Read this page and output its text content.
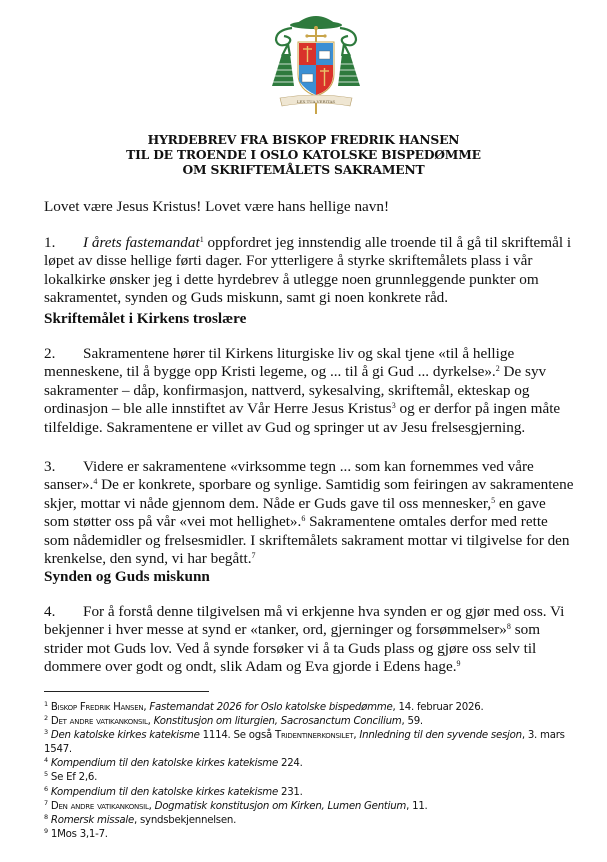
LEX TUA VERITAS
HYRDEBREV FRA BISKOP FREDRIK HANSEN
TIL DE TROENDE I OSLO KATOLSKE BISPEDØMME
OM SKRIFTEMÅLETS SAKRAMENT

Lovet være Jesus Kristus! Lovet være hans hellige navn!

1. I årets fastemandat$^1$ oppfordret jeg innstendig alle troende til å gå til skriftemål i løpet av disse hellige førti dager. For ytterligere å styrke skriftemålets plass i vår lokalkirke ønsker jeg i dette hyrdebrev å utlegge noen grunnleggende punkter om sakramentet, synden og Guds miskunn, samt gi noen konkrete råd.

Skriftemålet i Kirkens troslære

2. Sakramentene hører til Kirkens liturgiske liv og skal tjene «til å hellige menneskene, til å bygge opp Kristi legeme, og ... til å gi Gud ... dyrkelse».$^2$ De syv sakramenter – dåp, konfirmasjon, nattverd, sykesalving, skriftemål, ekteskap og ordinasjon – ble alle innstiftet av Vår Herre Jesus Kristus$^3$ og er derfor på ingen måte tilfeldige. Sakramentene er villet av Gud og springer ut av Jesu frelsesgjerning.

3. Videre er sakramentene «virksomme tegn ... som kan fornemmes ved våre sanser».$^4$ De er konkrete, sporbare og synlige. Samtidig som feiringen av sakramentene skjer, mottar vi nåde gjennom dem. Nåde er Guds gave til oss mennesker,$^5$ en gave som støtter oss på vår «vei mot hellighet».$^6$ Sakramentene omtales derfor med rette som nådemidler og frelsesmidler. I skriftemålets sakrament mottar vi tilgivelse for den krenkelse, den synd, vi har begått.$^7$

Synden og Guds miskunn

4. For å forstå denne tilgivelsen må vi erkjenne hva synden er og gjør med oss. Vi bekjenner i hver messe at synd er «tanker, ord, gjerninger og forsømmelser»$^8$ som strider mot Guds lov. Ved å synde forsøker vi å ta Guds plass og gjøre oss selv til dommere over godt og ondt, slik Adam og Eva gjorde i Edens hage.$^9$

$^1$ Biskop Fredrik Hansen, Fastemandat 2026 for Oslo katolske bispedømme, 14. februar 2026.

$^2$ Det andre vatikankonsil, Konstitusjon om liturgien, Sacrosanctum Concilium, 59.

$^3$ Den katolske kirkes katekisme 1114. Se også Tridentinerkonsilet, Innledning til den syvende sesjon, 3. mars 1547.

$^4$ Kompendium til den katolske kirkes katekisme 224.

$^5$ Se Ef 2,6.

$^6$ Kompendium til den katolske kirkes katekisme 231.

$^7$ Den andre vatikankonsil, Dogmatisk konstitusjon om Kirken, Lumen Gentium, 11.

$^8$ Romersk missale, syndsbekjennelsen.

$^9$ 1Mos 3,1-7.
